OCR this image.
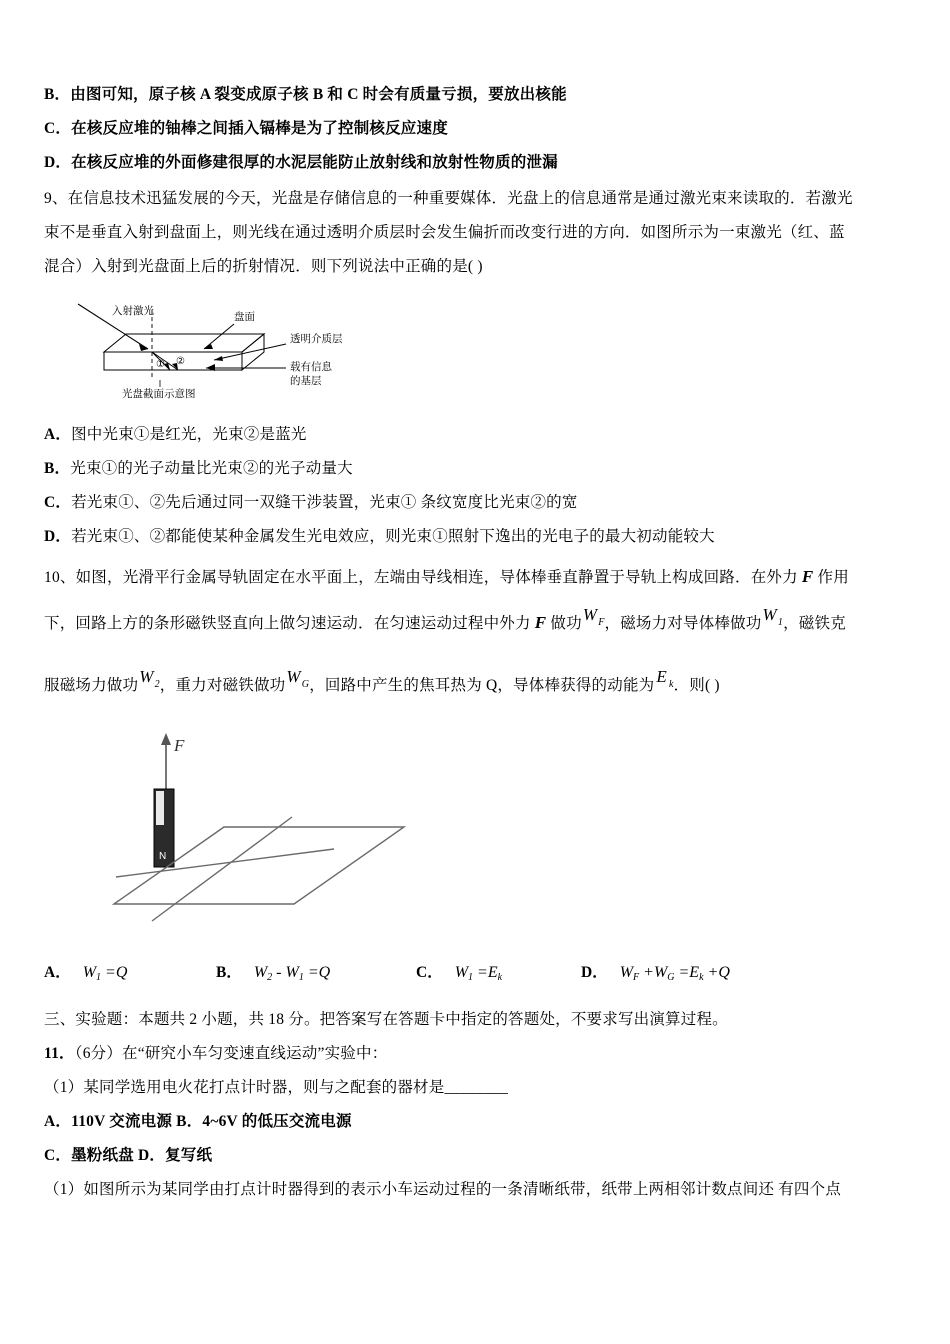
B．由图可知，原子核 A 裂变成原子核 B 和 C 时会有质量亏损，要放出核能
C．在核反应堆的铀棒之间插入镉棒是为了控制核反应速度
D．在核反应堆的外面修建很厚的水泥层能防止放射线和放射性物质的泄漏
9、在信息技术迅猛发展的今天，光盘是存储信息的一种重要媒体．光盘上的信息通常是通过激光束来读取的．若激光
束不是垂直入射到盘面上，则光线在通过透明介质层时会发生偏折而改变行进的方向．如图所示为一束激光（红、蓝
混合）入射到光盘面上后的折射情况．则下列说法中正确的是( )
入射激光	盘面
透明介质层
载有信息
的基层
① ②
光盘截面示意图
A．图中光束①是红光，光束②是蓝光
B．光束①的光子动量比光束②的光子动量大
C．若光束①、②先后通过同一双缝干涉装置，光束① 条纹宽度比光束②的宽
D．若光束①、②都能使某种金属发生光电效应，则光束①照射下逸出的光电子的最大初动能较大
10、如图，光滑平行金属导轨固定在水平面上，左端由导线相连，导体棒垂直静置于导轨上构成回路．在外力 F 作用
下，回路上方的条形磁铁竖直向上做匀速运动．在匀速运动过程中外力 F 做功$W_F$，磁场力对导体棒做功$W_1$，磁铁克
服磁场力做功$W_2$，重力对磁铁做功$W_G$，回路中产生的焦耳热为 Q，导体棒获得的动能为 E $_k$．则( )
F
N
A． W1 =Q	B． W2 - W1 =Q	C． W1 =Ek	D． WF +WG =Ek +Q
三、实验题：本题共 2 小题，共 18 分。把答案写在答题卡中指定的答题处，不要求写出演算过程。
11．（6分）在“研究小车匀变速直线运动”实验中：
（1）某同学选用电火花打点计时器，则与之配套的器材是________
A．110V 交流电源 B．4~6V 的低压交流电源
C．墨粉纸盘 D．复写纸
（1）如图所示为某同学由打点计时器得到的表示小车运动过程的一条清晰纸带，纸带上两相邻计数点间还 有四个点
